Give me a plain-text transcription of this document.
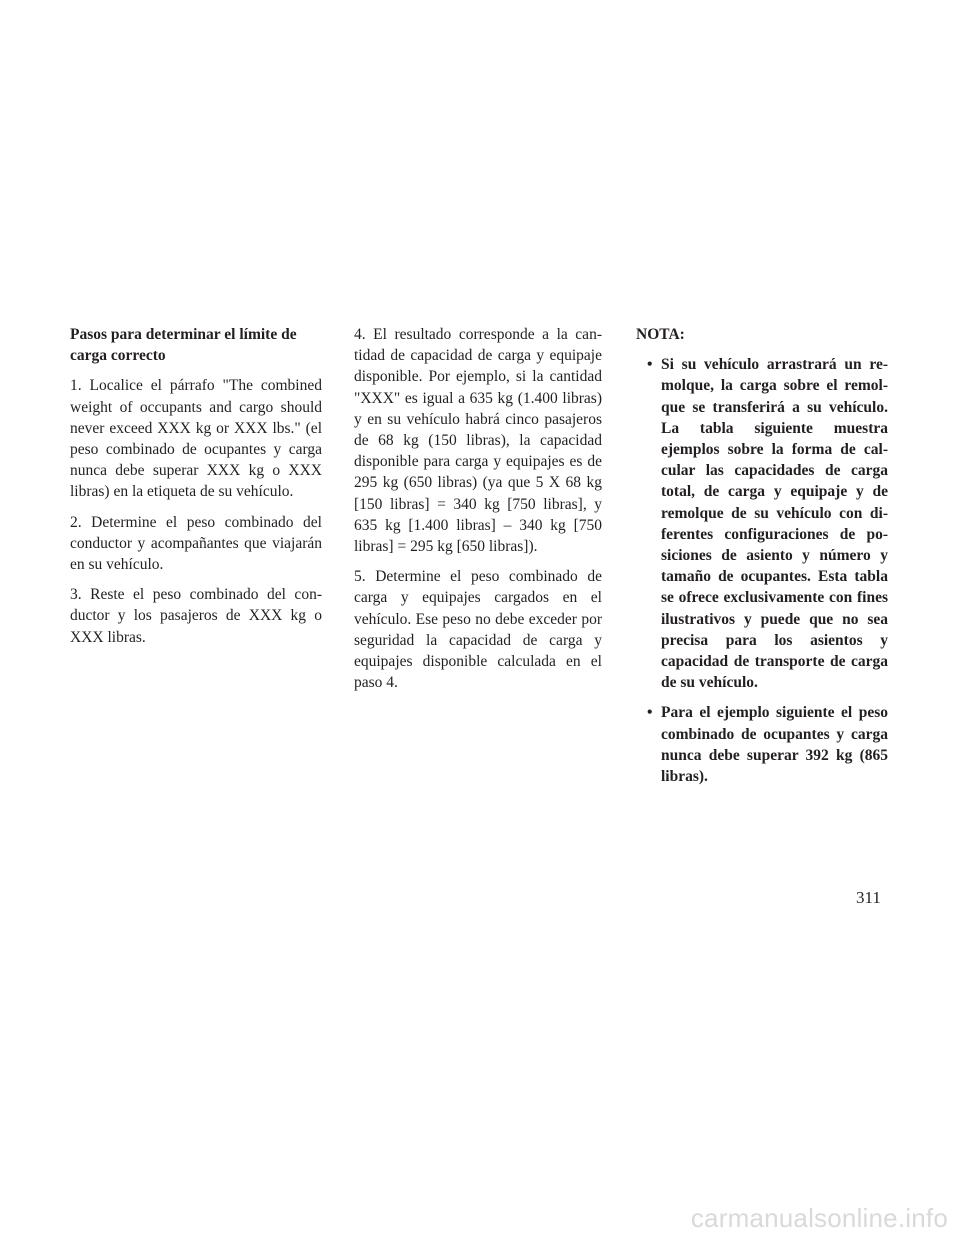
Pasos para determinar el límite de carga correcto

1. Localice el párrafo "The combined weight of occupants and cargo should never exceed XXX kg or XXX lbs." (el peso combinado de ocupantes y carga nunca debe superar XXX kg o XXX libras) en la etiqueta de su vehículo.

2. Determine el peso combinado del conductor y acompañantes que viajarán en su vehículo.

3. Reste el peso combinado del conductor y los pasajeros de XXX kg o XXX libras.

4. El resultado corresponde a la cantidad de capacidad de carga y equipaje disponible. Por ejemplo, si la cantidad "XXX" es igual a 635 kg (1.400 libras) y en su vehículo habrá cinco pasajeros de 68 kg (150 libras), la capacidad disponible para carga y equipajes es de 295 kg (650 libras) (ya que 5 X 68 kg [150 libras] = 340 kg [750 libras], y 635 kg [1.400 libras] – 340 kg [750 libras] = 295 kg [650 libras]).

5. Determine el peso combinado de carga y equipajes cargados en el vehículo. Ese peso no debe exceder por seguridad la capacidad de carga y equipajes disponible calculada en el paso 4.

NOTA:

• Si su vehículo arrastrará un remolque, la carga sobre el remolque se transferirá a su vehículo. La tabla siguiente muestra ejemplos sobre la forma de calcular las capacidades de carga total, de carga y equipaje y de remolque de su vehículo con diferentes configuraciones de posiciones de asiento y número y tamaño de ocupantes. Esta tabla se ofrece exclusivamente con fines ilustrativos y puede que no sea precisa para los asientos y capacidad de transporte de carga de su vehículo.
• Para el ejemplo siguiente el peso combinado de ocupantes y carga nunca debe superar 392 kg (865 libras).
311
carmanualsonline.info
